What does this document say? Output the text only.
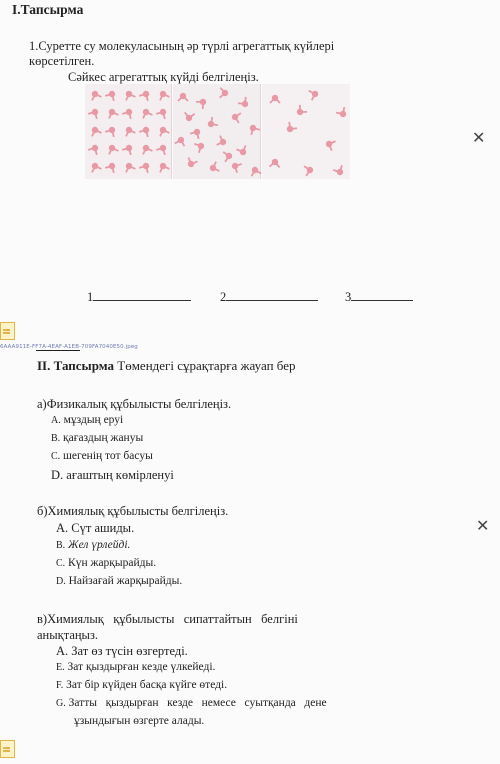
I.Тапсырма
1.Суретте су молекуласының әр түрлі агрегаттық күйлері
көрсетілген.
Сәйкес агрегаттық күйді белгілеңіз.
✕
1	2	3
6AAA911E-FF7A-4EAF-A1EB-709FA7040E50.jpeg
II. Тапсырма Төмендегі сұрақтарға жауап бер
а)Физикалық құбылысты белгілеңіз.
A. мұздың еруі
B. қағаздың жануы
C. шегенің тот басуы
D. ағаштың көмірленуі
б)Химиялық құбылысты белгілеңіз.
A. Сүт ашиды.
B. Жел үрлейді.
C. Күн жарқырайды.
D. Найзағай жарқырайды.
✕
в)Химиялық   құбылысты   сипаттайтын   белгіні
анықтаңыз.
A. Зат өз түсін өзгертеді.
E. Зат қыздырған кезде үлкейеді.
F. Зат бір күйден басқа күйге өтеді.
G. Затты   қыздырған   кезде   немесе   суытқанда   дене
ұзындығын өзгерте алады.
